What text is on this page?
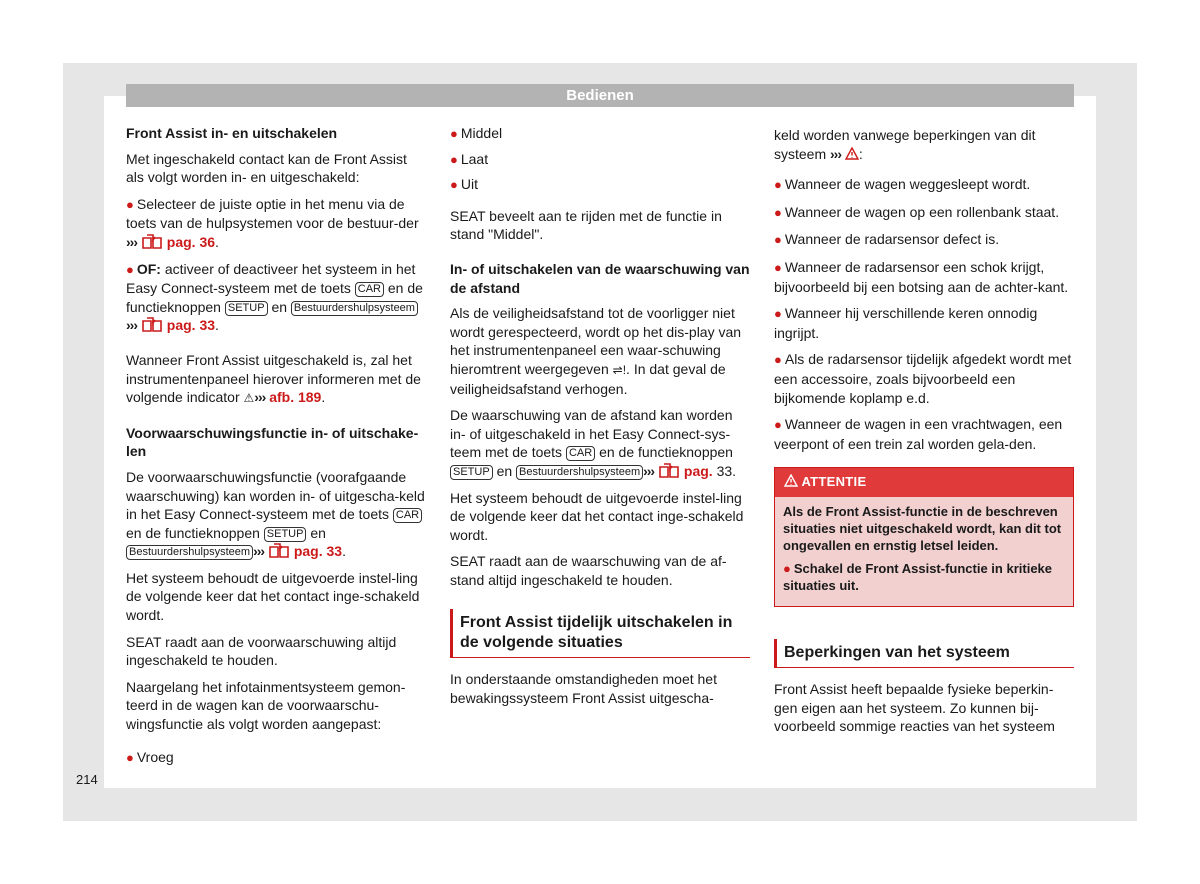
Bedienen
Front Assist in- en uitschakelen
Met ingeschakeld contact kan de Front Assist als volgt worden in- en uitgeschakeld:
● Selecteer de juiste optie in het menu via de toets van de hulpsystemen voor de bestuur-der ››› pag. 36.
● OF: activeer of deactiveer het systeem in het Easy Connect-systeem met de toets CAR en de functieknoppen SETUP en Bestuurdershulpsysteem››› pag. 33.
Wanneer Front Assist uitgeschakeld is, zal het instrumentenpaneel hierover informeren met de volgende indicator ⚠››› afb. 189.
Voorwaarschuwingsfunctie in- of uitschake-len
De voorwaarschuwingsfunctie (voorafgaande waarschuwing) kan worden in- of uitgescha-keld in het Easy Connect-systeem met de toets CAR en de functieknoppen SETUP en Bestuurdershulpsysteem ››› pag. 33.
Het systeem behoudt de uitgevoerde instel-ling de volgende keer dat het contact inge-schakeld wordt.
SEAT raadt aan de voorwaarschuwing altijd ingeschakeld te houden.
Naargelang het infotainmentsysteem gemon-teerd in de wagen kan de voorwaarschu-wingsfunctie als volgt worden aangepast:
● Vroeg
● Middel
● Laat
● Uit
SEAT beveelt aan te rijden met de functie in stand "Middel".
In- of uitschakelen van de waarschuwing van de afstand
Als de veiligheidsafstand tot de voorligger niet wordt gerespecteerd, wordt op het dis-play van het instrumentenpaneel een waar-schuwing hieromtrent weergegeven ⇌!. In dat geval de veiligheidsafstand verhogen.
De waarschuwing van de afstand kan worden in- of uitgeschakeld in het Easy Connect-sys-teem met de toets CAR en de functieknoppen SETUP en Bestuurdershulpsysteem ››› pag. 33.
Het systeem behoudt de uitgevoerde instel-ling de volgende keer dat het contact inge-schakeld wordt.
SEAT raadt aan de waarschuwing van de af-stand altijd ingeschakeld te houden.
Front Assist tijdelijk uitschakelen in de volgende situaties
In onderstaande omstandigheden moet het bewakingssysteem Front Assist uitgescha-
keld worden vanwege beperkingen van dit systeem ››› :
● Wanneer de wagen weggesleept wordt.
● Wanneer de wagen op een rollenbank staat.
● Wanneer de radarsensor defect is.
● Wanneer de radarsensor een schok krijgt, bijvoorbeeld bij een botsing aan de achter-kant.
● Wanneer hij verschillende keren onnodig ingrijpt.
● Als de radarsensor tijdelijk afgedekt wordt met een accessoire, zoals bijvoorbeeld een bijkomende koplamp e.d.
● Wanneer de wagen in een vrachtwagen, een veerpont of een trein zal worden gela-den.
ATTENTIE

Als de Front Assist-functie in de beschreven situaties niet uitgeschakeld wordt, kan dit tot ongevallen en ernstig letsel leiden.

● Schakel de Front Assist-functie in kritieke situaties uit.

Beperkingen van het systeem
Front Assist heeft bepaalde fysieke beperkin-gen eigen aan het systeem. Zo kunnen bij-voorbeeld sommige reacties van het systeem
214
